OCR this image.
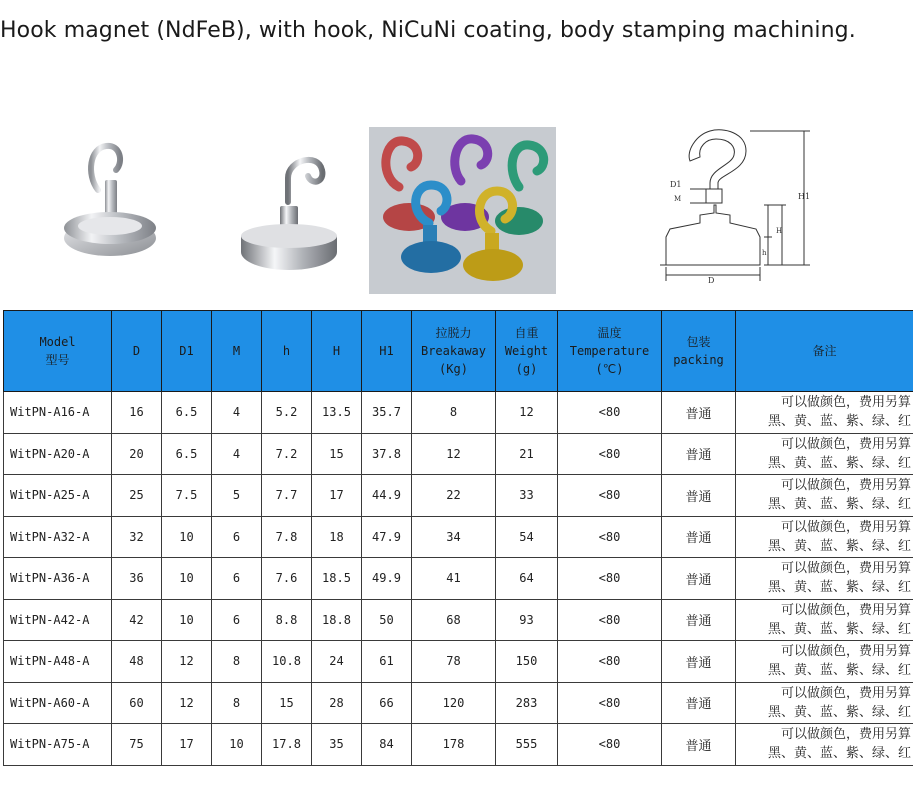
Hook magnet (NdFeB), with hook, NiCuNi coating, body stamping machining.
D1
M
h
H
H1
D
Model
型号	D	D1	M	h	H	H1	拉脱力
Breakaway
(Kg)	自重
Weight
(g)	温度
Temperature
(℃)	包装
packing	备注
WitPN-A16-A	16	6.5	4	5.2	13.5	35.7	8	12	<80	普通	可以做颜色，费用另算
黑、黄、蓝、紫、绿、红

WitPN-A20-A	20	6.5	4	7.2	15	37.8	12	21	<80	普通	可以做颜色，费用另算
黑、黄、蓝、紫、绿、红

WitPN-A25-A	25	7.5	5	7.7	17	44.9	22	33	<80	普通	可以做颜色，费用另算
黑、黄、蓝、紫、绿、红

WitPN-A32-A	32	10	6	7.8	18	47.9	34	54	<80	普通	可以做颜色，费用另算
黑、黄、蓝、紫、绿、红

WitPN-A36-A	36	10	6	7.6	18.5	49.9	41	64	<80	普通	可以做颜色，费用另算
黑、黄、蓝、紫、绿、红

WitPN-A42-A	42	10	6	8.8	18.8	50	68	93	<80	普通	可以做颜色，费用另算
黑、黄、蓝、紫、绿、红

WitPN-A48-A	48	12	8	10.8	24	61	78	150	<80	普通	可以做颜色，费用另算
黑、黄、蓝、紫、绿、红

WitPN-A60-A	60	12	8	15	28	66	120	283	<80	普通	可以做颜色，费用另算
黑、黄、蓝、紫、绿、红

WitPN-A75-A	75	17	10	17.8	35	84	178	555	<80	普通	可以做颜色，费用另算
黑、黄、蓝、紫、绿、红
